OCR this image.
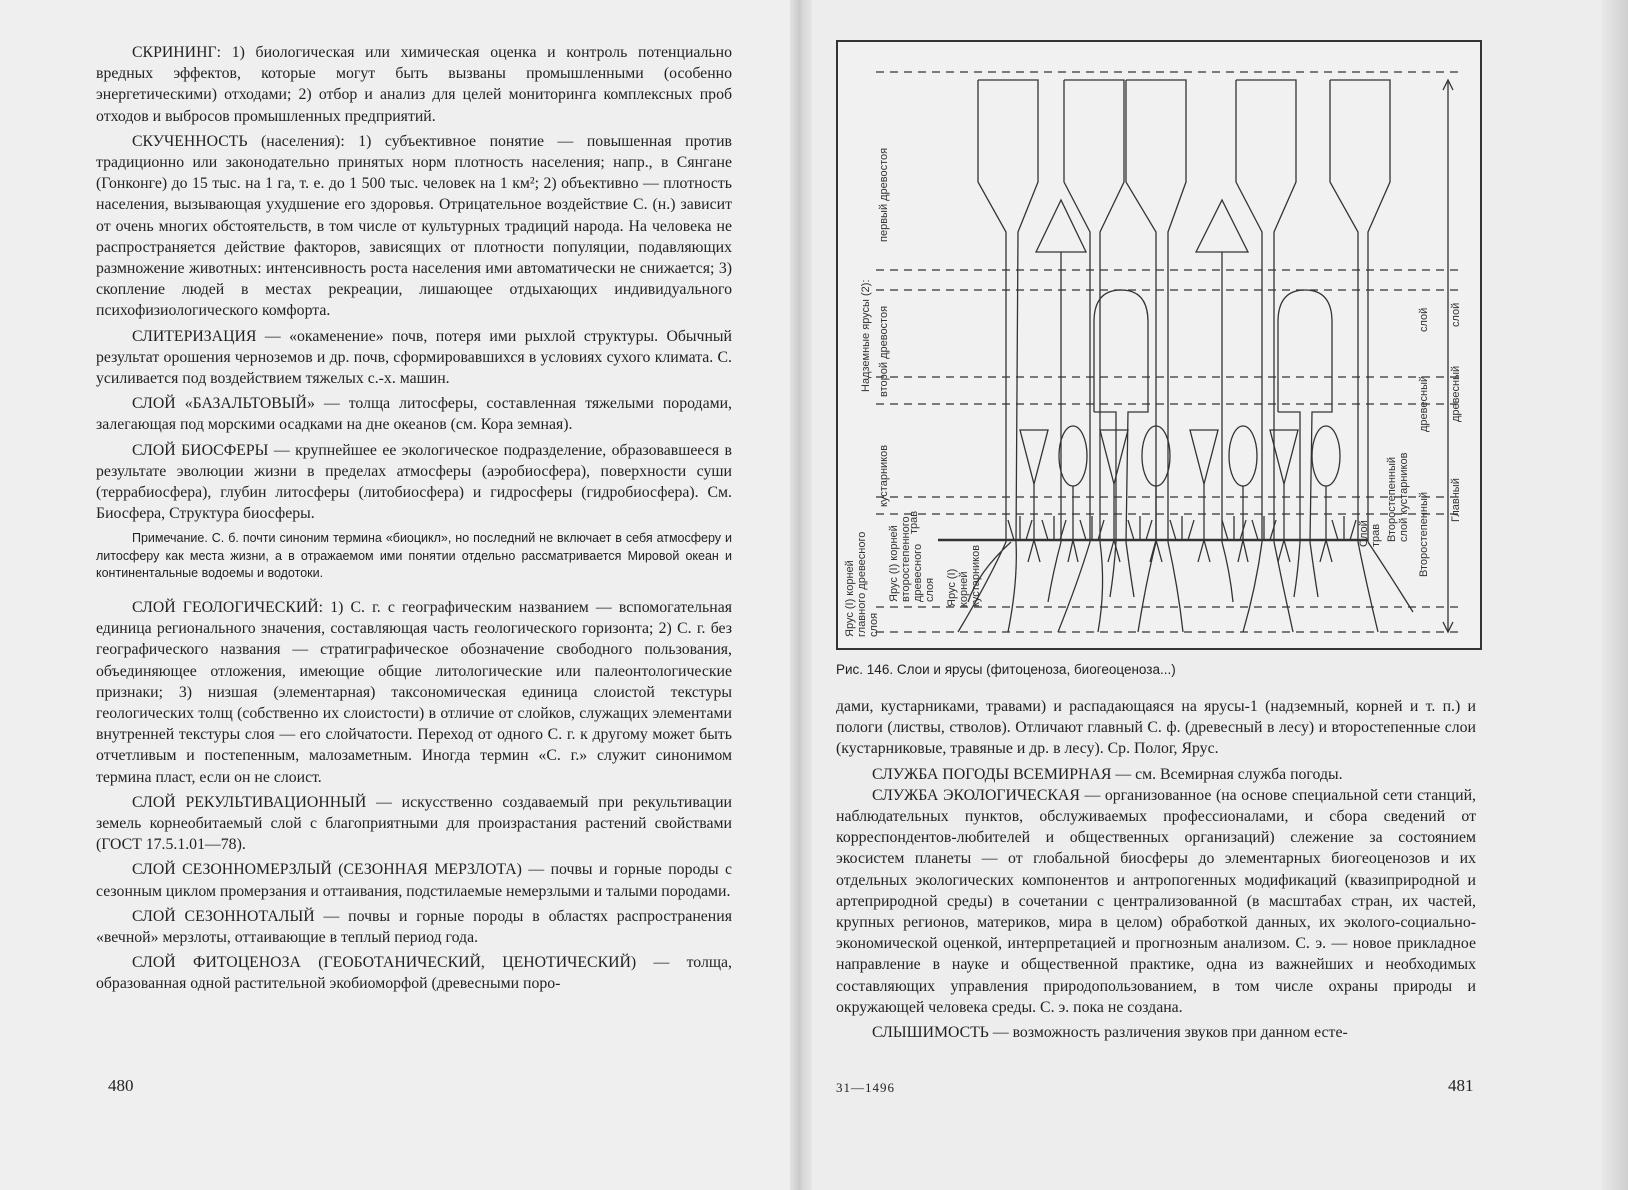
СКРИНИНГ: 1) биологическая или химическая оценка и контроль потенциально вредных эффектов, которые могут быть вызваны промышленными (особенно энергетическими) отходами; 2) отбор и анализ для целей мониторинга комплексных проб отходов и выбросов промышленных предприятий.

СКУЧЕННОСТЬ (населения): 1) субъективное понятие — повышенная против традиционно или законодательно принятых норм плотность населения; напр., в Сянгане (Гонконге) до 15 тыс. на 1 га, т. е. до 1 500 тыс. человек на 1 км²; 2) объективно — плотность населения, вызывающая ухудшение его здоровья. Отрицательное воздействие С. (н.) зависит от очень многих обстоятельств, в том числе от культурных традиций народа. На человека не распространяется действие факторов, зависящих от плотности популяции, подавляющих размножение животных: интенсивность роста населения ими автоматически не снижается; 3) скопление людей в местах рекреации, лишающее отдыхающих индивидуального психофизиологического комфорта.

СЛИТЕРИЗАЦИЯ — «окаменение» почв, потеря ими рыхлой структуры. Обычный результат орошения черноземов и др. почв, сформировавшихся в условиях сухого климата. С. усиливается под воздействием тяжелых с.-х. машин.

СЛОЙ «БАЗАЛЬТОВЫЙ» — толща литосферы, составленная тяжелыми породами, залегающая под морскими осадками на дне океанов (см. Кора земная).

СЛОЙ БИОСФЕРЫ — крупнейшее ее экологическое подразделение, образовавшееся в результате эволюции жизни в пределах атмосферы (аэробиосфера), поверхности суши (террабиосфера), глубин литосферы (литобиосфера) и гидросферы (гидробиосфера). См. Биосфера, Структура биосферы.

Примечание. С. б. почти синоним термина «биоцикл», но последний не включает в себя атмосферу и литосферу как места жизни, а в отражаемом ими понятии отдельно рассматривается Мировой океан и континентальные водоемы и водотоки.

СЛОЙ ГЕОЛОГИЧЕСКИЙ: 1) С. г. с географическим названием — вспомогательная единица регионального значения, составляющая часть геологического горизонта; 2) С. г. без географического названия — стратиграфическое обозначение свободного пользования, объединяющее отложения, имеющие общие литологические или палеонтологические признаки; 3) низшая (элементарная) таксономическая единица слоистой текстуры геологических толщ (собственно их слоистости) в отличие от слойков, служащих элементами внутренней текстуры слоя — его слойчатости. Переход от одного С. г. к другому может быть отчетливым и постепенным, малозаметным. Иногда термин «С. г.» служит синонимом термина пласт, если он не слоист.

СЛОЙ РЕКУЛЬТИВАЦИОННЫЙ — искусственно создаваемый при рекультивации земель корнеобитаемый слой с благоприятными для произрастания растений свойствами (ГОСТ 17.5.1.01—78).

СЛОЙ СЕЗОННОМЕРЗЛЫЙ (СЕЗОННАЯ МЕРЗЛОТА) — почвы и горные породы с сезонным циклом промерзания и оттаивания, подстилаемые немерзлыми и талыми породами.

СЛОЙ СЕЗОННОТАЛЫЙ — почвы и горные породы в областях распространения «вечной» мерзлоты, оттаивающие в теплый период года.

СЛОЙ ФИТОЦЕНОЗА (ГЕОБОТАНИЧЕСКИЙ, ЦЕНОТИЧЕСКИЙ) — толща, образованная одной растительной экобиоморфой (древесными поро-

480
Надземные ярусы (2):
первый древостоя
второй древостоя
кустарников
трав
Ярус (I) корней главного древесного слоя
Ярус (I) корней второстепенного древесного слоя Ярус (I) корней кустарников
Слой трав Второстепенный слой кустарников Второстепенный
древесный
слой
Главный
древесный
слой
Рис. 146. Слои и ярусы (фитоценоза, биогеоценоза...)

дами, кустарниками, травами) и распадающаяся на ярусы-1 (надземный, корней и т. п.) и пологи (листвы, стволов). Отличают главный С. ф. (древесный в лесу) и второстепенные слои (кустарниковые, травяные и др. в лесу). Ср. Полог, Ярус.

СЛУЖБА ПОГОДЫ ВСЕМИРНАЯ — см. Всемирная служба погоды.

СЛУЖБА ЭКОЛОГИЧЕСКАЯ — организованное (на основе специальной сети станций, наблюдательных пунктов, обслуживаемых профессионалами, и сбора сведений от корреспондентов-любителей и общественных организаций) слежение за состоянием экосистем планеты — от глобальной биосферы до элементарных биогеоценозов и их отдельных экологических компонентов и антропогенных модификаций (квазиприродной и артеприродной среды) в сочетании с централизованной (в масштабах стран, их частей, крупных регионов, материков, мира в целом) обработкой данных, их эколого-социально-экономической оценкой, интерпретацией и прогнозным анализом. С. э. — новое прикладное направление в науке и общественной практике, одна из важнейших и необходимых составляющих управления природопользованием, в том числе охраны природы и окружающей человека среды. С. э. пока не создана.

СЛЫШИМОСТЬ — возможность различения звуков при данном есте-

31—1496	481
